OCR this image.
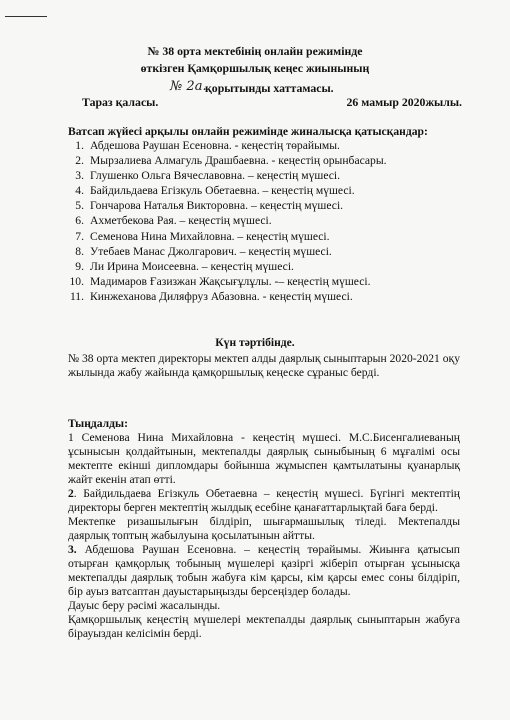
№ 38 орта мектебінің онлайн режимінде
өткізген Қамқоршылық кеңес жиынының
№ 2а.
қорытынды хаттамасы.
Тараз қаласы.	26 мамыр 2020жылы.
Ватсап жүйесі арқылы онлайн режимінде жиналысқа қатысқандар:
1. Абдешова Раушан Есеновна. - кеңестің төрайымы.
2. Мырзалиева Алмагуль Драшбаевна. - кеңестің орынбасары.
3. Глушенко Ольга Вячеславовна. – кеңестің мүшесі.
4. Байдильдаева Егізкуль Обетаевна. – кеңестің мүшесі.
5. Гончарова Наталья Викторовна. – кеңестің мүшесі.
6. Ахметбекова Рая. – кеңестің мүшесі.
7. Семенова Нина Михайловна. – кеңестің мүшесі.
8. Утебаев Манас Джолгарович. – кеңестің мүшесі.
9. Ли Ирина Моисеевна. – кеңестің мүшесі.
10. Мадимаров Ғазизжан Жақсығұлұлы. -– кеңестің мүшесі.
11. Кинжеханова Диляфруз Абазовна. - кеңестің мүшесі.
Күн тәртібінде.

№ 38 орта мектеп директоры мектеп алды даярлық сыныптарын 2020-2021 оқу жылында жабу жайында қамқоршылық кеңеске сұраныс берді.

Тыңдалды:

1 Семенова Нина Михайловна - кеңестің мүшесі. М.С.Бисенгалиеваның ұсынысын қолдайтынын, мектепалды даярлық сыныбының 6 мұғалімі осы мектепте екінші дипломдары бойынша жұмыспен қамтылатыны қуанарлық жайт екенін атап өтті.

2. Байдильдаева Егізкуль Обетаевна – кеңестің мүшесі. Бүгінгі мектептің директоры берген мектептің жылдық есебіне қанағаттарлықтай баға берді.

Мектепке ризашылығын білдіріп, шығармашылық тіледі. Мектепалды даярлық топтың жабылуына қосылатынын айтты.

3. Абдешова Раушан Есеновна. – кеңестің төрайымы. Жиынға қатысып отырған қамқорлық тобының мүшелері қазіргі жіберіп отырған ұсынысқа мектепалды даярлық тобын жабуға кім қарсы, кім қарсы емес соны білдіріп, бір ауыз ватсаптан дауыстарыңызды берсеңіздер болады.

Дауыс беру рәсімі жасалынды.

Қамқоршылық кеңестің мүшелері мектепалды даярлық сыныптарын жабуға бірауыздан келісімін берді.
